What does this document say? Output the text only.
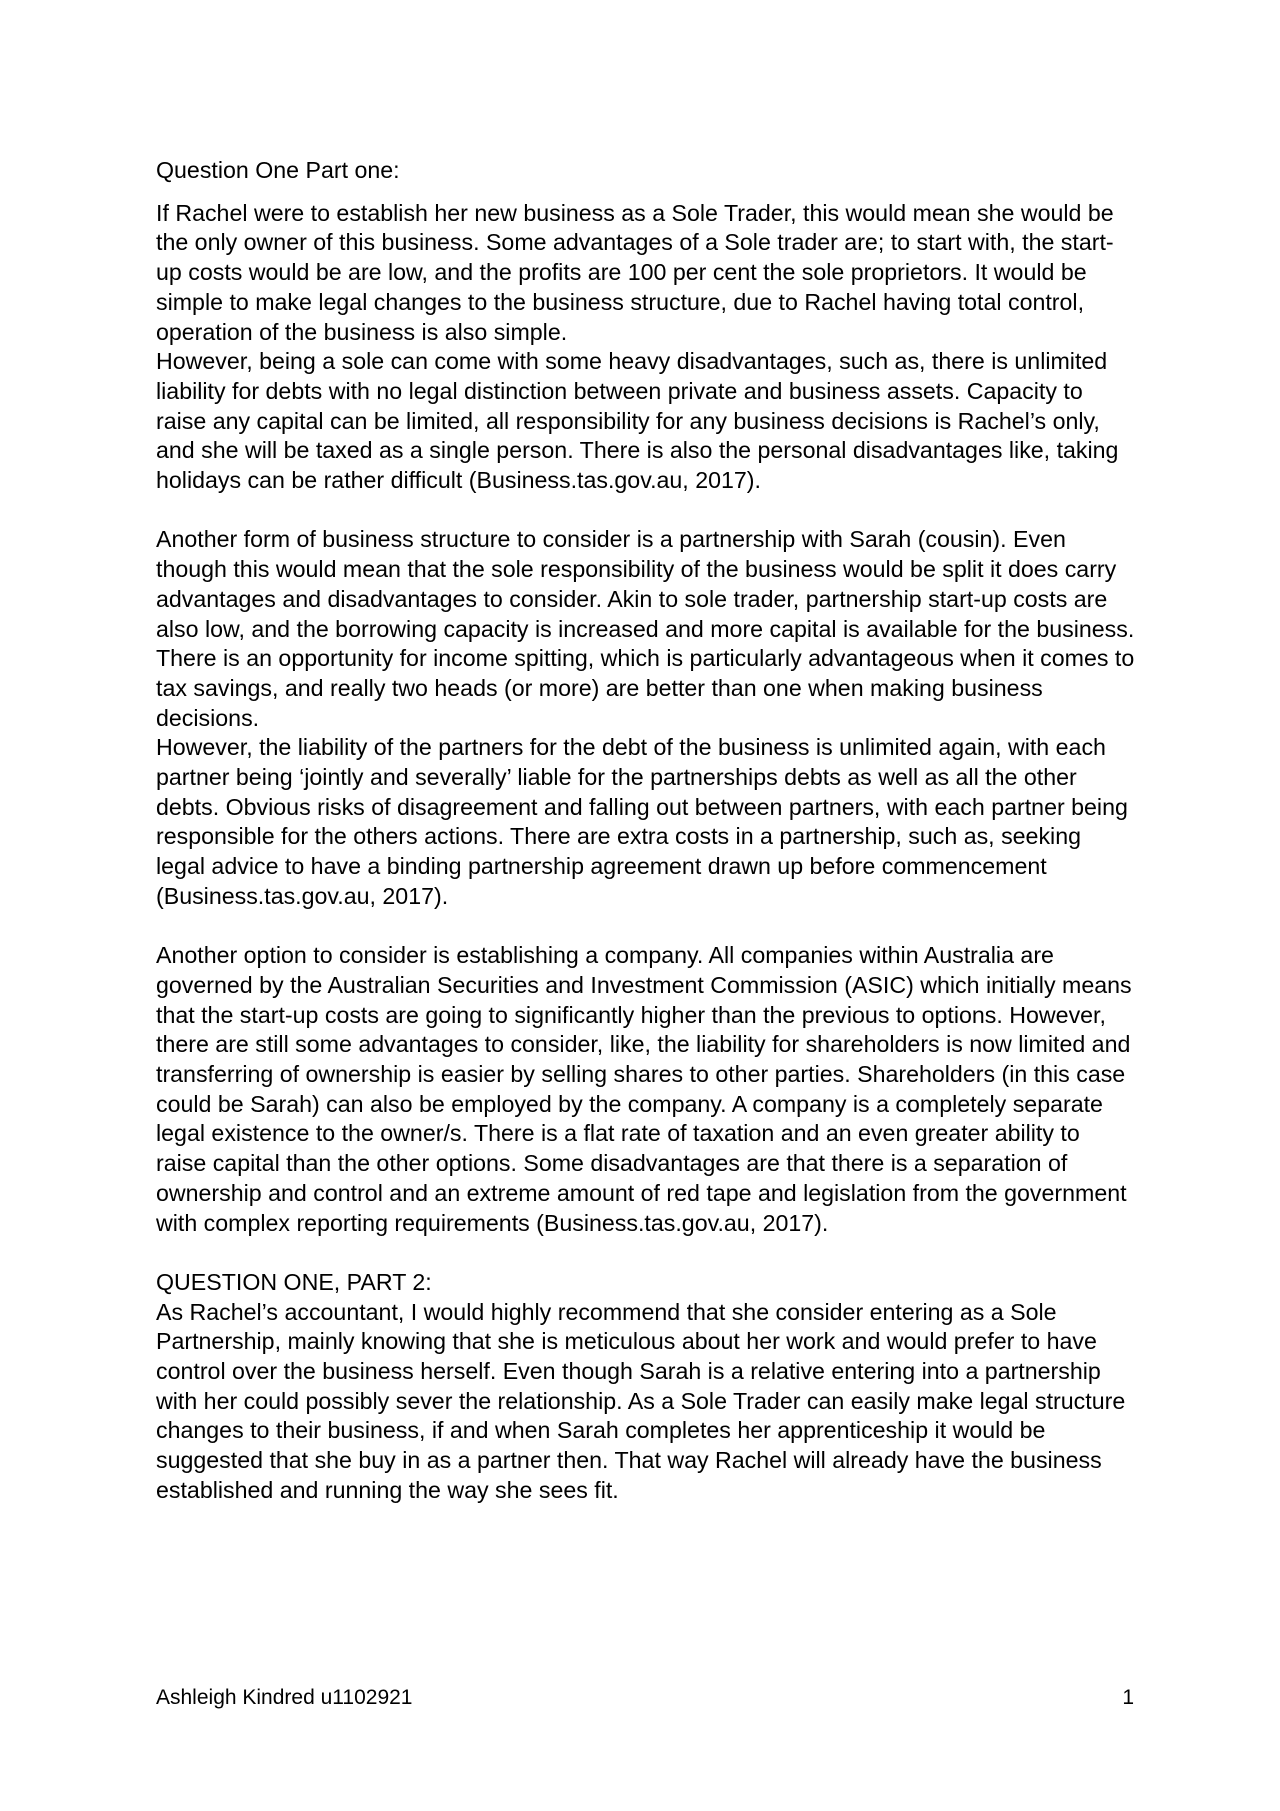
Question One Part one:

If Rachel were to establish her new business as a Sole Trader, this would mean she would be the only owner of this business. Some advantages of a Sole trader are; to start with, the start-up costs would be are low, and the profits are 100 per cent the sole proprietors. It would be simple to make legal changes to the business structure, due to Rachel having total control, operation of the business is also simple.
However, being a sole can come with some heavy disadvantages, such as, there is unlimited liability for debts with no legal distinction between private and business assets. Capacity to raise any capital can be limited, all responsibility for any business decisions is Rachel’s only, and she will be taxed as a single person. There is also the personal disadvantages like, taking holidays can be rather difficult (Business.tas.gov.au, 2017).

Another form of business structure to consider is a partnership with Sarah (cousin). Even though this would mean that the sole responsibility of the business would be split it does carry advantages and disadvantages to consider. Akin to sole trader, partnership start-up costs are also low, and the borrowing capacity is increased and more capital is available for the business. There is an opportunity for income spitting, which is particularly advantageous when it comes to tax savings, and really two heads (or more) are better than one when making business decisions.
However, the liability of the partners for the debt of the business is unlimited again, with each partner being ‘jointly and severally’ liable for the partnerships debts as well as all the other debts. Obvious risks of disagreement and falling out between partners, with each partner being responsible for the others actions. There are extra costs in a partnership, such as, seeking legal advice to have a binding partnership agreement drawn up before commencement (Business.tas.gov.au, 2017).

Another option to consider is establishing a company. All companies within Australia are governed by the Australian Securities and Investment Commission (ASIC) which initially means that the start-up costs are going to significantly higher than the previous to options. However, there are still some advantages to consider, like, the liability for shareholders is now limited and transferring of ownership is easier by selling shares to other parties. Shareholders (in this case could be Sarah) can also be employed by the company. A company is a completely separate legal existence to the owner/s. There is a flat rate of taxation and an even greater ability to raise capital than the other options. Some disadvantages are that there is a separation of ownership and control and an extreme amount of red tape and legislation from the government with complex reporting requirements (Business.tas.gov.au, 2017).

QUESTION ONE, PART 2:

As Rachel’s accountant, I would highly recommend that she consider entering as a Sole Partnership, mainly knowing that she is meticulous about her work and would prefer to have control over the business herself. Even though Sarah is a relative entering into a partnership with her could possibly sever the relationship. As a Sole Trader can easily make legal structure changes to their business, if and when Sarah completes her apprenticeship it would be suggested that she buy in as a partner then. That way Rachel will already have the business established and running the way she sees fit.

Ashleigh Kindred u1102921	1
